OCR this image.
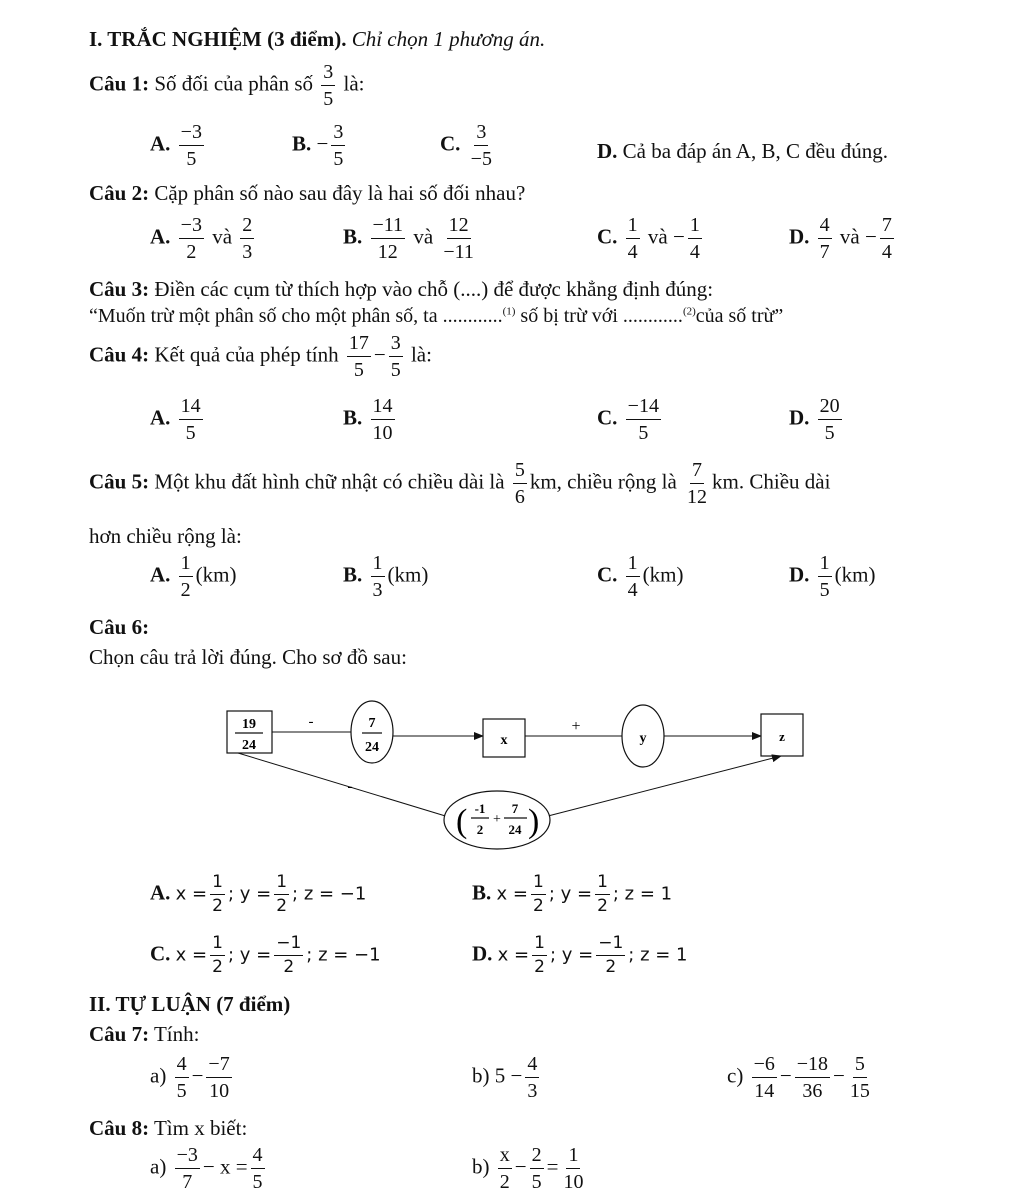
I. TRẮC NGHIỆM (3 điểm). Chỉ chọn 1 phương án.
Câu 1: Số đối của phân số $\frac{3}{5}$ là:
A. $\frac{-3}{5}$	B. − $\frac{3}{5}$	C. $\frac{3}{-5}$	D. Cả ba đáp án A, B, C đều đúng.
Câu 2: Cặp phân số nào sau đây là hai số đối nhau?
A. $\frac{-3}{2}$ và $\frac{2}{3}$	B. $\frac{-11}{12}$ và $\frac{12}{-11}$	C. $\frac{1}{4}$ và − $\frac{1}{4}$	D. $\frac{4}{7}$ và − $\frac{7}{4}$
Câu 3: Điền các cụm từ thích hợp vào chỗ (....) để được khẳng định đúng:
“Muốn trừ một phân số cho một phân số, ta ............$^{(1)}$ số bị trừ với ............$^{(2)}$của số trừ”
Câu 4: Kết quả của phép tính $\frac{17}{5} - \frac{3}{5}$ là:
A. $\frac{14}{5}$	B. $\frac{14}{10}$	C. $\frac{-14}{5}$	D. $\frac{20}{5}$
Câu 5: Một khu đất hình chữ nhật có chiều dài là $\frac{5}{6}$ km, chiều rộng là $\frac{7}{12}$ km. Chiều dài
hơn chiều rộng là:
A. $\frac{1}{2} (km)$	B. $\frac{1}{3} (km)$	C. $\frac{1}{4} (km)$	D. $\frac{1}{5} (km)$
Câu 6:
Chọn câu trả lời đúng. Cho sơ đồ sau:
19
24
-	7
24	x
+
y	z
-
( -1
2
+
7
24 )
A. $x = \frac{1}{2}$ ; $y = \frac{1}{2}$ ; z = −1	B. $x = \frac{1}{2}$ ; $y = \frac{1}{2}$ ; z = 1
C. $x = \frac{1}{2}$ ; $y = \frac{-1}{2}$ ; z = −1	D. $x = \frac{1}{2}$ ; $y = \frac{-1}{2}$ ; z = 1
II. TỰ LUẬN (7 điểm)
Câu 7: Tính:
$a) \frac{4}{5} - \frac{-7}{10}$	b) $5 - \frac{4}{3}$	$c) \frac{-6}{14} - \frac{-18}{36} - \frac{5}{15}$
Câu 8: Tìm x biết:
$a) \frac{-3}{7} - x = \frac{4}{5}$	$b) \frac{x}{2} - \frac{2}{5} = \frac{1}{10}$
